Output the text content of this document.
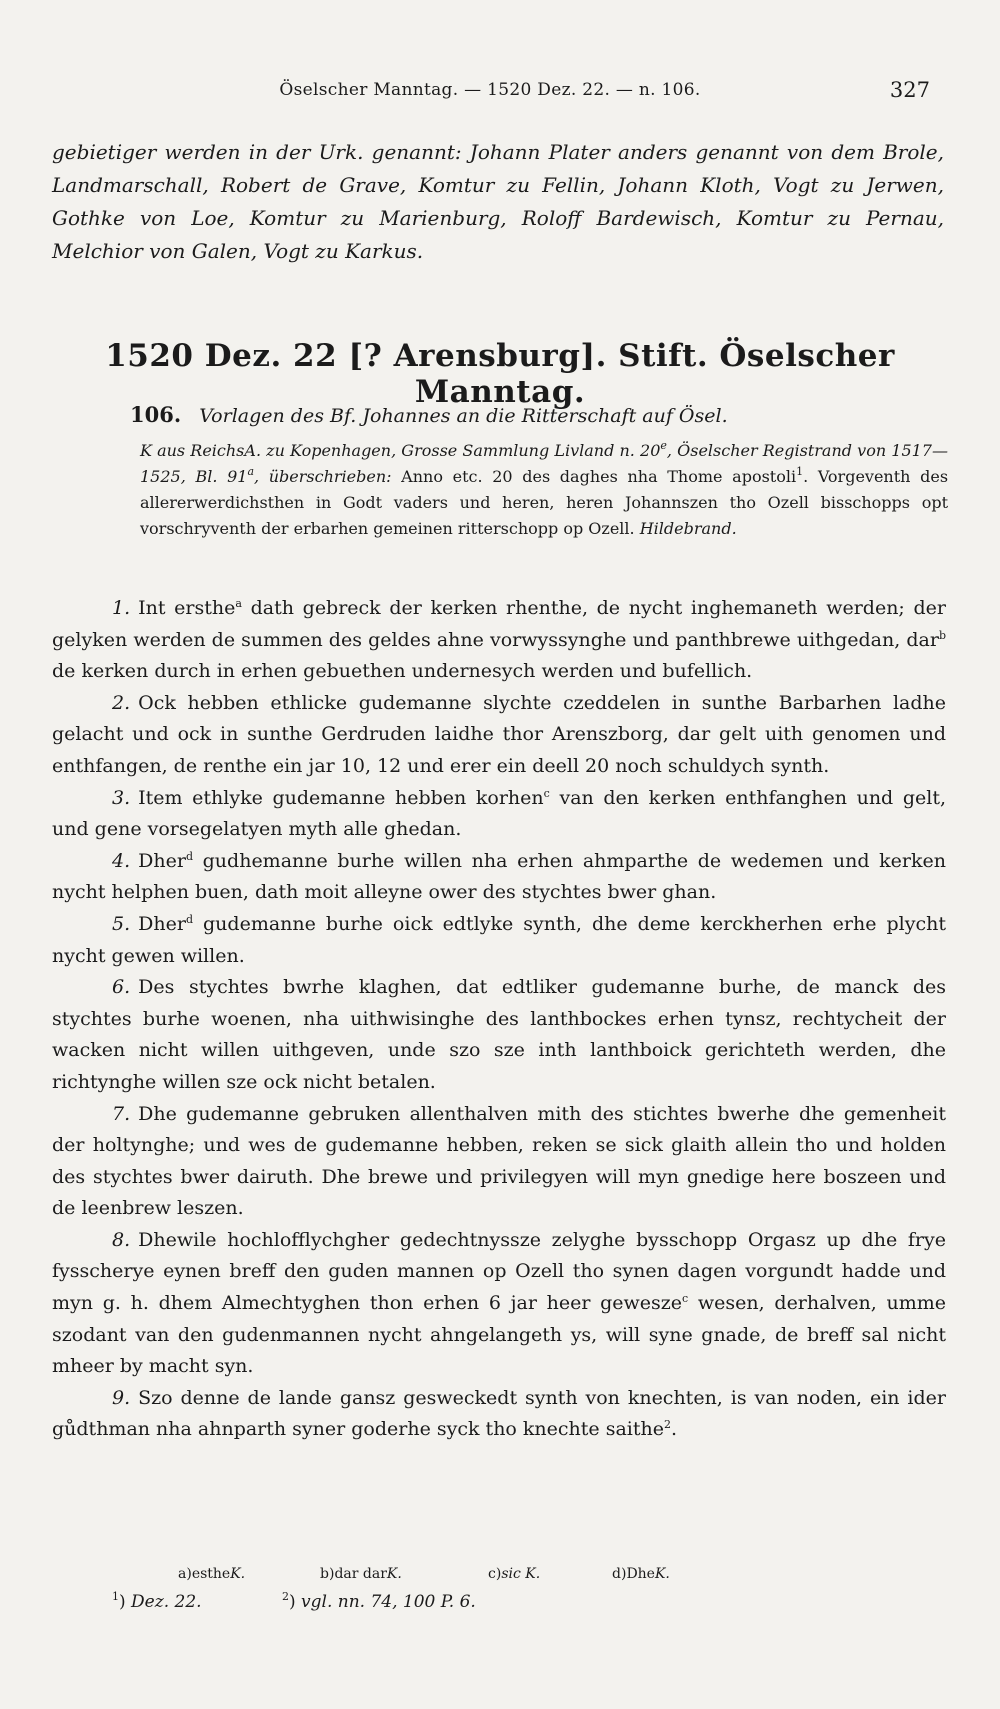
Öselscher Manntag. — 1520 Dez. 22. — n. 106.	327
gebietiger werden in der Urk. genannt: Johann Plater anders genannt von dem Brole, Landmarschall, Robert de Grave, Komtur zu Fellin, Johann Kloth, Vogt zu Jerwen, Gothke von Loe, Komtur zu Marienburg, Roloff Bardewisch, Komtur zu Pernau, Melchior von Galen, Vogt zu Karkus.
1520 Dez. 22 [? Arensburg]. Stift. Öselscher Manntag.
106. Vorlagen des Bf. Johannes an die Ritterschaft auf Ösel.
K aus ReichsA. zu Kopenhagen, Grosse Sammlung Livland n. 20e, Öselscher Registrand von 1517—1525, Bl. 91$^a$, überschrieben: Anno etc. 20 des daghes nha Thome apostoli$^1$. Vorgeventh des allererwerdichsthen in Godt vaders und heren, heren Johannszen tho Ozell bisschopps opt vorschryventh der erbarhen gemeinen ritterschopp op Ozell. Hildebrand.

1. Int ersthe$^a$ dath gebreck der kerken rhenthe, de nycht inghemaneth werden; der gelyken werden de summen des geldes ahne vorwyssynghe und panthbrewe uithgedan, dar$^b$ de kerken durch in erhen gebuethen undernesych werden und bufellich.

2. Ock hebben ethlicke gudemanne slychte czeddelen in sunthe Barbarhen ladhe gelacht und ock in sunthe Gerdruden laidhe thor Arenszborg, dar gelt uith genomen und enthfangen, de renthe ein jar 10, 12 und erer ein deell 20 noch schuldych synth.

3. Item ethlyke gudemanne hebben korhen$^c$ van den kerken enthfanghen und gelt, und gene vorsegelatyen myth alle ghedan.

4. Dher$^d$ gudhemanne burhe willen nha erhen ahmparthe de wedemen und kerken nycht helphen buen, dath moit alleyne ower des stychtes bwer ghan.

5. Dher$^d$ gudemanne burhe oick edtlyke synth, dhe deme kerckherhen erhe plycht nycht gewen willen.

6. Des stychtes bwrhe klaghen, dat edtliker gudemanne burhe, de manck des stychtes burhe woenen, nha uithwisinghe des lanthbockes erhen tynsz, rechtycheit der wacken nicht willen uithgeven, unde szo sze inth lanthboick gerichteth werden, dhe richtynghe willen sze ock nicht betalen.

7. Dhe gudemanne gebruken allenthalven mith des stichtes bwerhe dhe gemenheit der holtynghe; und wes de gudemanne hebben, reken se sick glaith allein tho und holden des stychtes bwer dairuth. Dhe brewe und privilegyen will myn gnedige here boszeen und de leenbrew leszen.

8. Dhewile hochlofflychgher gedechtnyssze zelyghe bysschopp Orgasz up dhe frye fysscherye eynen breff den guden mannen op Ozell tho synen dagen vorgundt hadde und myn g. h. dhem Almechtyghen thon erhen 6 jar heer gewesze$^c$ wesen, derhalven, umme szodant van den gudenmannen nycht ahngelangeth ys, will syne gnade, de breff sal nicht mheer by macht syn.

9. Szo denne de lande gansz gesweckedt synth von knechten, is van noden, ein ider gůdthman nha ahnparth syner goderhe syck tho knechte saithe$^2$.

a)estheK.	b)dar darK.	c)sic K.	d)DheK.
$^1$) Dez. 22.	$^2$) vgl. nn. 74, 100 P. 6.
